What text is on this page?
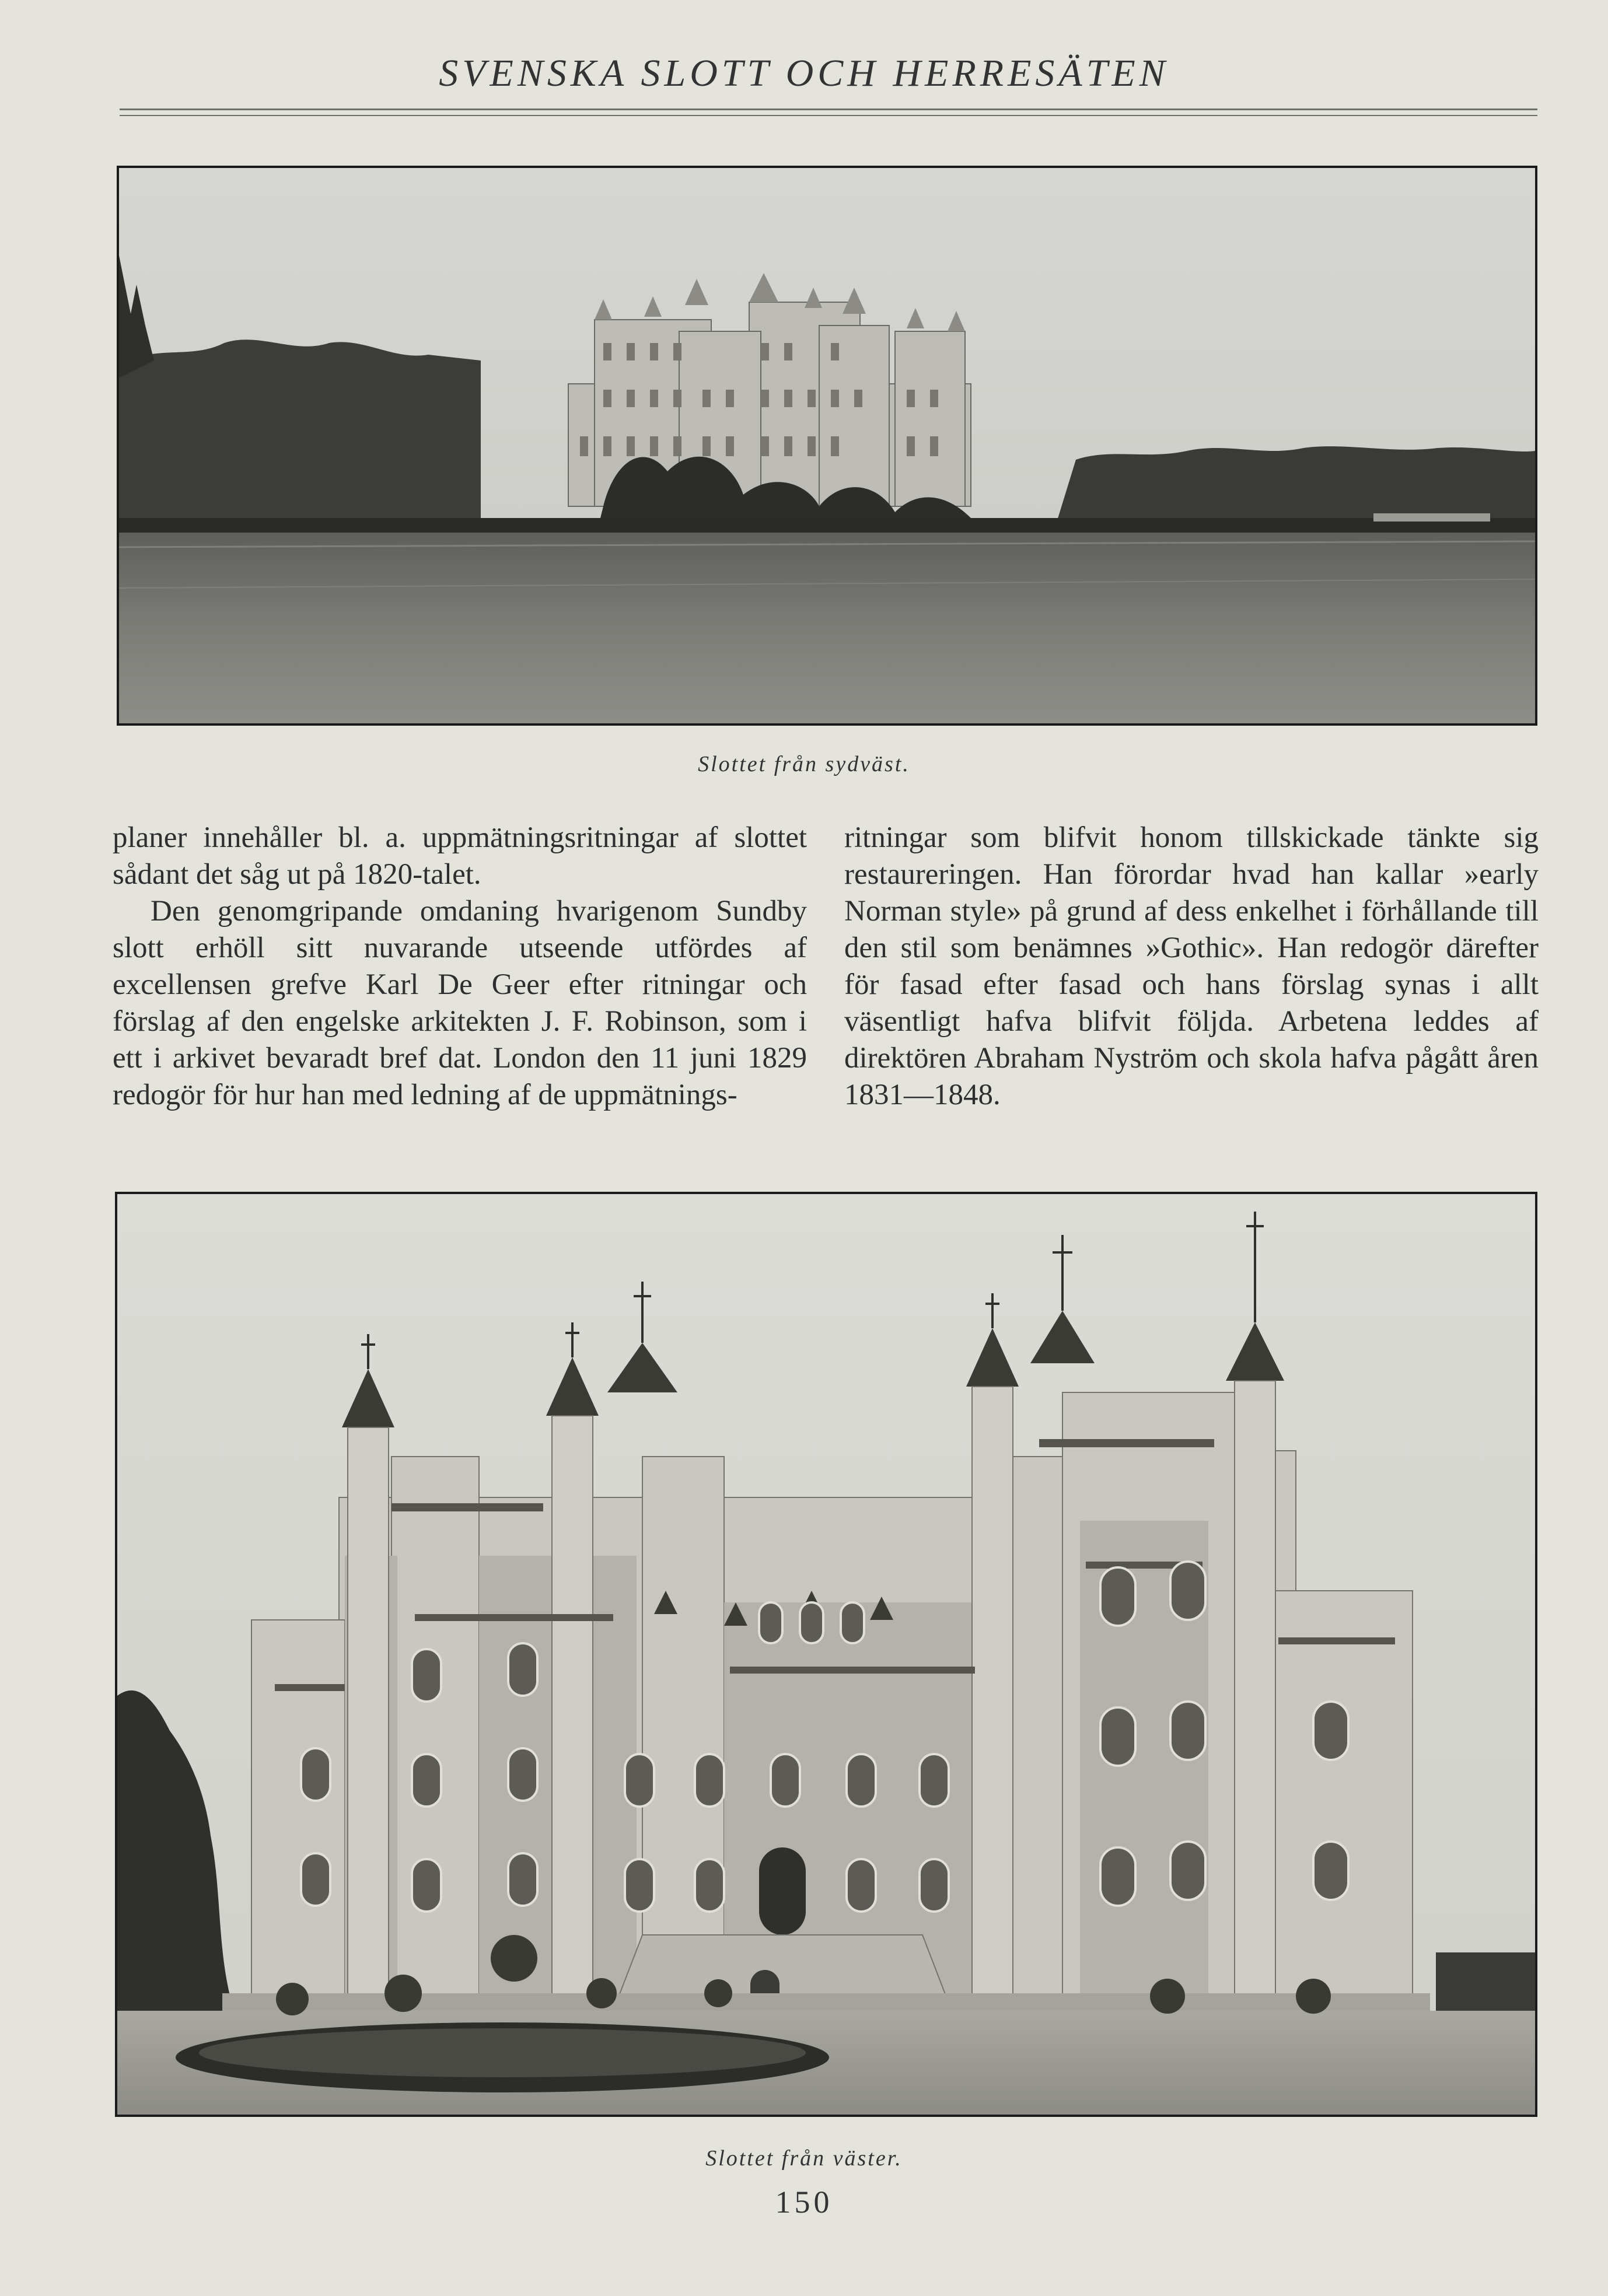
SVENSKA SLOTT OCH HERRESÄTEN
Slottet från sydväst.

planer innehåller bl. a. uppmätningsritningar af slottet sådant det såg ut på 1820-talet.

Den genomgripande omdaning hvarigenom Sundby slott erhöll sitt nuvarande utseende utfördes af excellensen grefve Karl De Geer efter ritningar och förslag af den engelske arkitekten J. F. Robinson, som i ett i arkivet bevaradt bref dat. London den 11 juni 1829 redogör för hur han med ledning af de uppmätnings-

ritningar som blifvit honom tillskickade tänkte sig restaureringen. Han förordar hvad han kallar »early Norman style» på grund af dess enkelhet i förhållande till den stil som benämnes »Gothic». Han redogör därefter för fasad efter fasad och hans förslag synas i allt väsentligt hafva blifvit följda. Arbetena leddes af direktören Abraham Nyström och skola hafva pågått åren 1831—1848.

Slottet från väster.
150
